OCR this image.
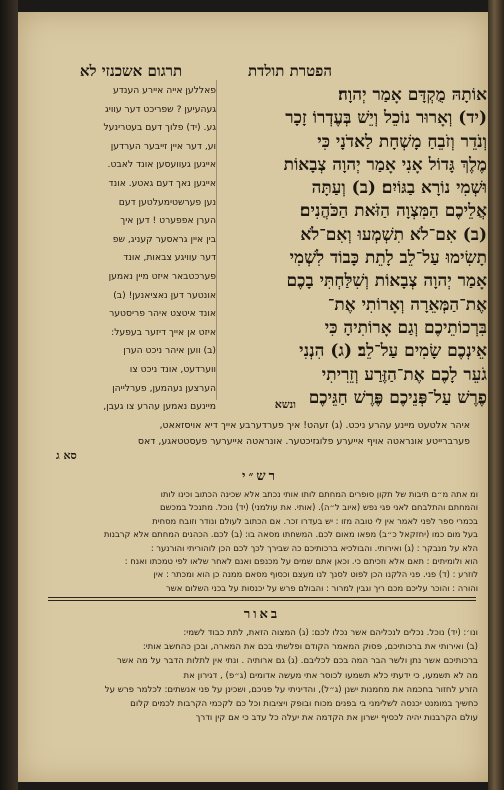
הפטרת תולדת
תרגום אשכנזי לא
אוֹתָהּ מֻקְדָּם אָמַר יְהוָה׃
(יד) וְאָרוּר נוֹכֵל וְיֵשׁ בְּעֶדְרוֹ זָכָר
וְנֹדֵר וְזֹבֵחַ מָשְׁחָת לַאדֹנָי כִּי
מֶלֶךְ גָּדוֹל אָנִי אָמַר יְהוָה צְבָאוֹת
וּשְׁמִי נוֹרָא בַגּוֹיִם׃ (ב) וְעַתָּה
אֲלֵיכֶם הַמִּצְוָה הַזֹּאת הַכֹּהֲנִים׃
(ב) אִם־לֹא תִשְׁמְעוּ וְאִם־לֹא
תָשִׂימוּ עַל־לֵב לָתֵת כָּבוֹד לִשְׁמִי
אָמַר יְהוָה צְבָאוֹת וְשִׁלַּחְתִּי בָכֶם
אֶת־הַמְּאֵרָה וְאָרוֹתִי אֶת־
בִּרְכוֹתֵיכֶם וְגַם אָרוֹתִיהָ כִּי
אֵינְכֶם שָׂמִים עַל־לֵב׃ (ג) הִנְנִי
גֹעֵר לָכֶם אֶת־הַזֶּרַע וְזֵרִיתִי
פֶרֶשׁ עַל־פְּנֵיכֶם פֶּרֶשׁ חַגֵּיכֶם
ונשא
פאללען אייה איירע הענדע
געהעיען ? שפריכט דער עוויג
גע. (יד) פלוך דעם בעטרינעל
וע, דער איין זייבער הערדען
אייגען געוועסען אונד לאבט.
אייגען נאך דעם גאטע. אונד
נען פערשטימעלטען דעם
הערן אפפערט ! דען איך
בין איין גראסער קעניג, שפ
דער עוויגע צבאות, אונד
פערכטבאר איזט מיין נאמען
אונטער דען נאציאנען! (ב)
אונד איטצט איהר פריסטער
איזט אן אייך דיזער בעפעל:
(ב) ווען איהר ניכט הערן
ווערדעט, אונד ניכט צו
הערצען נעהמען, פערלייהן
מיינעם נאמען עהרע צו געבן,
איהר אלטעט מיינע עהרע ניכט. (ג) זעהט! איך פערדערבע אייך דיא אויסזאאט,
פערברייטע אונראטה אויף אייערע פלוגזיכטער. אונראטה אייערער פעסטטאגע, דאס
סא ג
רש״י
ומ אתה מ״ם תיבות של תקון סופרים המחתם לותו אותי נכתב אלא שכינה הכתוב וכינו לותו
והמחתם והתלבחם לאני פגי נפש (איוב ל״ה). (אותי. את עולמני) (יד) נוכל. מתנכל במכשם
בכמרי ספר לפני לאמר אין לי טובה מזו : יש בעדרו זכר. אם הכתוב לעולם ונודר וזובח מסחית
בעל מום כמו (יחזקאל כ״ב) מפאו מאום לכם. המשחתו מסאה בו: (ב) לכם. הכהנים המחתם אלא קרבנות
הלא על מנבקר : (ג) ואירותי. והבולכיא ברכותיכם כה שבירך לכך לכם הכן לוהוריתי והורנער :
הוא ולומיתים : תאם אלא וזכיתם כי. וכאן אתם שמים על מכנפם ואנם לאחר שלאו לפי טמכתו ואנח :
לוזרע : (ד) פני. פני הלקנו הכן לפוט לסנך לנו מעצם וכסוף מסאם ממנה כן הוא ומכתר : אין
והורה : והוכר עליכם מכם ריך וגבין למרור : והבולם פרש על יכנסות על בכני השלום אשר
באור
ונו׳: (יד) נוכל. נכלים לנכליהם אשר נכלו לכם: (ג) המצוה הזאת, לתת כבוד לשמי:
(ב) ואירותי את ברכותיכם, פסוק המאמר הקודם ופלשתי בכם את המארה, ובכן כהחשב אותי:
ברכותיכם אשר נתן ולשר הבר המה בכם לכליבם. (ג) גם ארותיה . ונתי אין לתלות הדבר על מה אשר
מה לא תשמעו, כי ידעתי כלא תשמעו לכוסר אתי מעשה אדומים (ג״פ) , דגירון את
הזרע לחזור בחכמה את מחמנות ישנן (ג״ל), והדיניתי על פניכם, ושכינן על פני אנשתים: לכלמר פרש על
כחשיך במומנט יכנסה לשלימני בי בפנים מכוח ובופק ויציבות וכל כם לקכמי הקרבות לכמים קלום
עולם הקרבנות יהיה לכסיף ישרון את הקדמה את יעלה כל עדב כי אם קין ודרך
